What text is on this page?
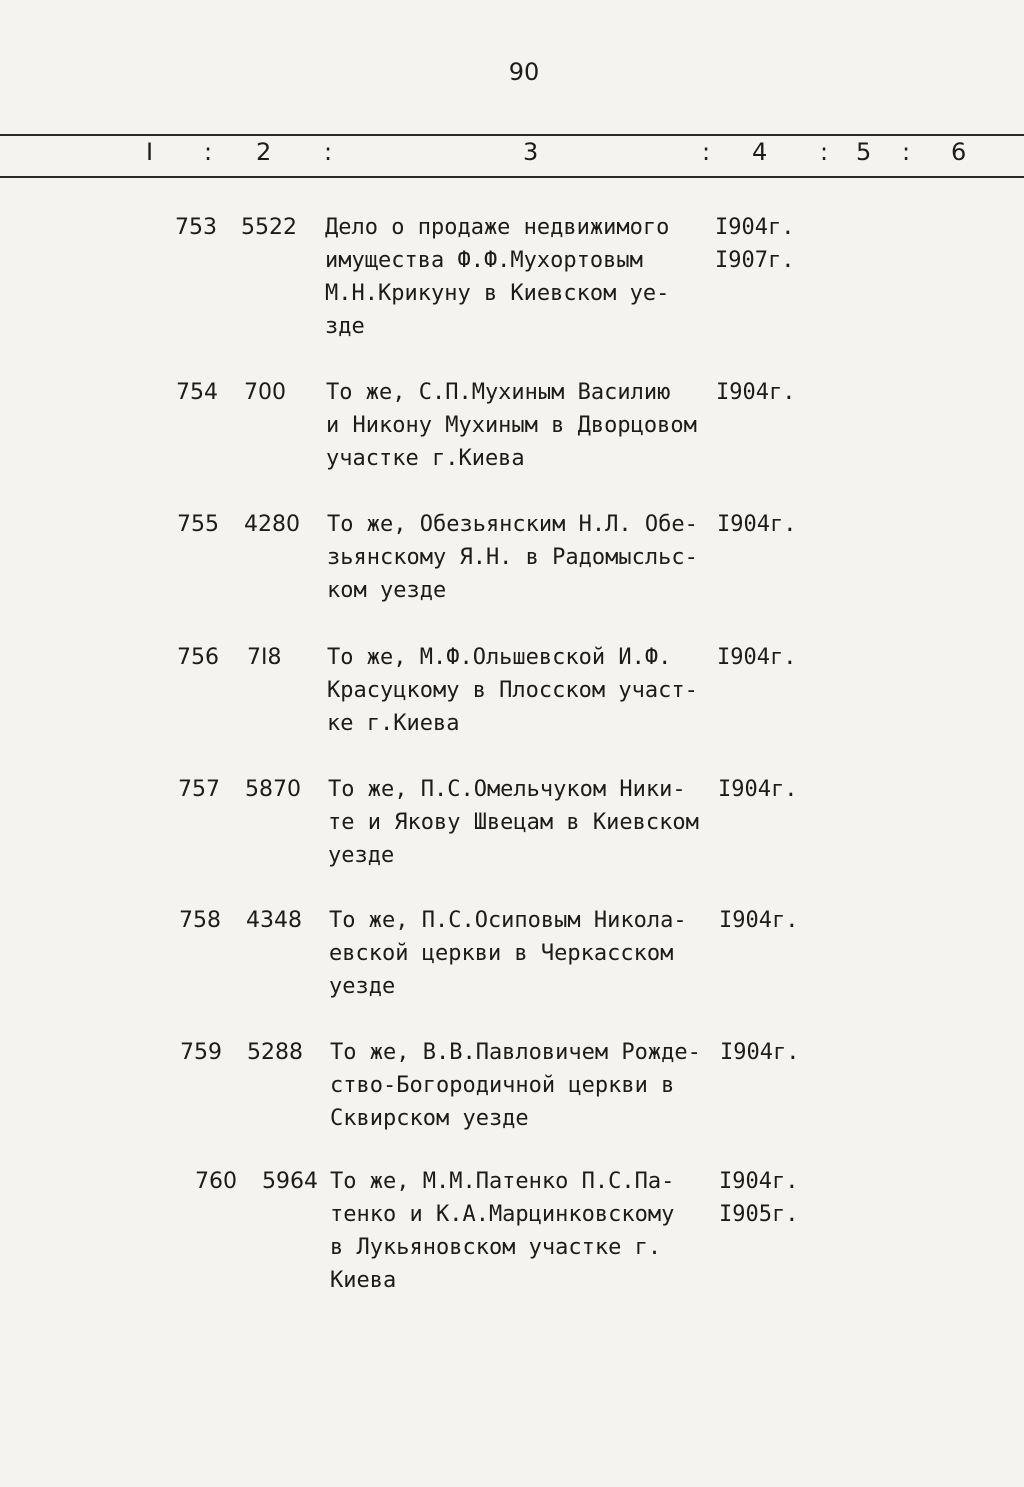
90
I : 2 :	3	: 4 : 5 : 6
753 5522 Дело о продаже недвижимого
имущества Ф.Ф.Мухортовым
М.Н.Крикуну в Киевском уе-
зде
I904г.
I907г.
754 700 То же, С.П.Мухиным Василию
и Никону Мухиным в Дворцовом
участке г.Киева
I904г.
755 4280 То же, Обезьянским Н.Л. Обе-
зьянскому Я.Н. в Радомысльс-
ком уезде
I904г.
756 7I8 То же, М.Ф.Ольшевской И.Ф.
Красуцкому в Плосском участ-
ке г.Киева
I904г.
757 5870 То же, П.С.Омельчуком Ники-
те и Якову Швецам в Киевском
уезде
I904г.
758 4348 То же, П.С.Осиповым Никола-
евской церкви в Черкасском
уезде
I904г.
759 5288 То же, В.В.Павловичем Рожде-
ство-Богородичной церкви в
Сквирском уезде
I904г.
760 5964 То же, М.М.Патенко П.С.Па-
тенко и К.А.Марцинковскому
в Лукьяновском участке г.
Киева
I904г.
I905г.
